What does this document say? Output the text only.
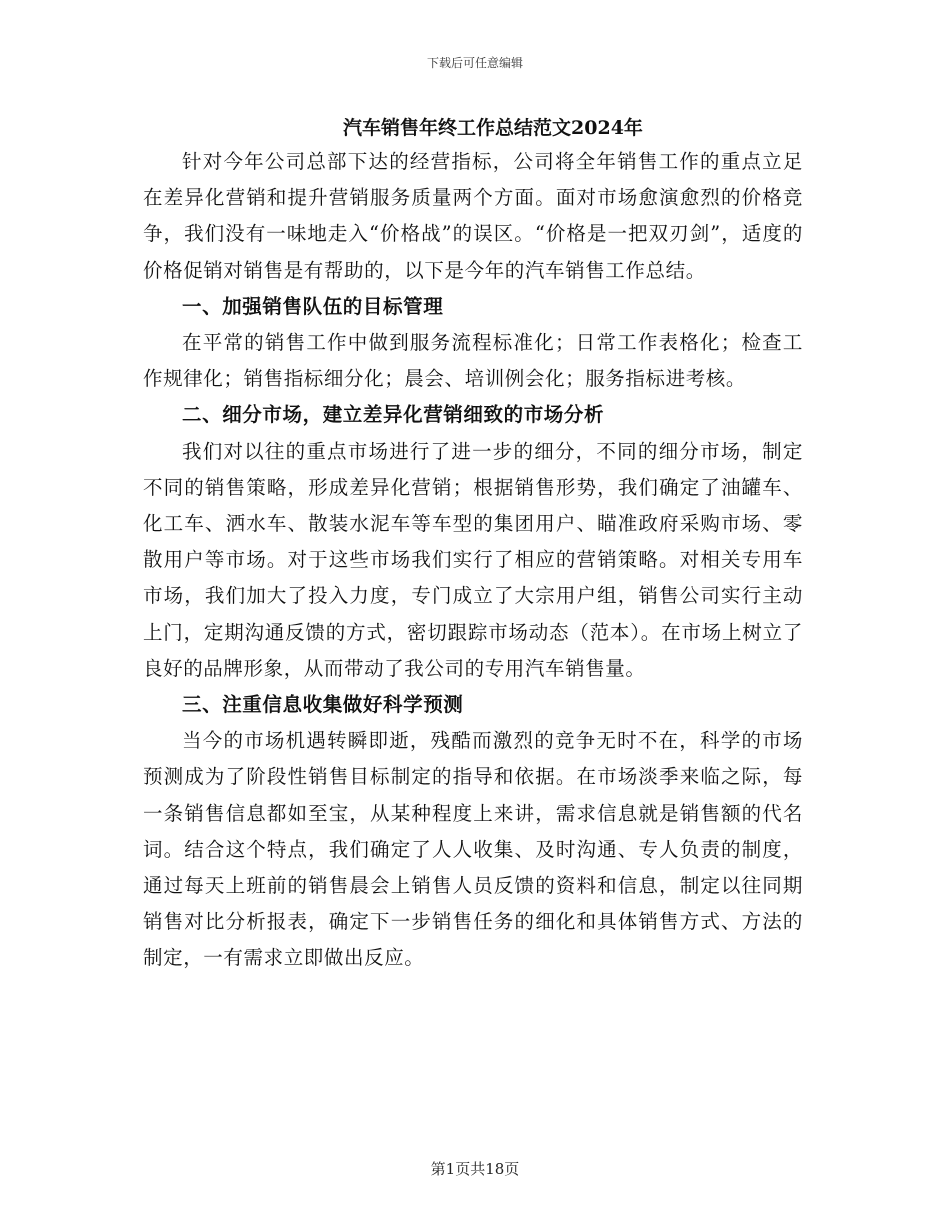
下载后可任意编辑
汽车销售年终工作总结范文2024年

针对今年公司总部下达的经营指标，公司将全年销售工作的重点立足在差异化营销和提升营销服务质量两个方面。面对市场愈演愈烈的价格竞争，我们没有一味地走入“价格战”的误区。“价格是一把双刃剑”，适度的价格促销对销售是有帮助的，以下是今年的汽车销售工作总结。

一、加强销售队伍的目标管理

在平常的销售工作中做到服务流程标准化；日常工作表格化；检查工作规律化；销售指标细分化；晨会、培训例会化；服务指标进考核。

二、细分市场，建立差异化营销细致的市场分析

我们对以往的重点市场进行了进一步的细分，不同的细分市场，制定不同的销售策略，形成差异化营销；根据销售形势，我们确定了油罐车、化工车、洒水车、散装水泥车等车型的集团用户、瞄准政府采购市场、零散用户等市场。对于这些市场我们实行了相应的营销策略。对相关专用车市场，我们加大了投入力度，专门成立了大宗用户组，销售公司实行主动上门，定期沟通反馈的方式，密切跟踪市场动态（范本）。在市场上树立了良好的品牌形象，从而带动了我公司的专用汽车销售量。

三、注重信息收集做好科学预测

当今的市场机遇转瞬即逝，残酷而激烈的竞争无时不在，科学的市场预测成为了阶段性销售目标制定的指导和依据。在市场淡季来临之际，每一条销售信息都如至宝，从某种程度上来讲，需求信息就是销售额的代名词。结合这个特点，我们确定了人人收集、及时沟通、专人负责的制度，通过每天上班前的销售晨会上销售人员反馈的资料和信息，制定以往同期销售对比分析报表，确定下一步销售任务的细化和具体销售方式、方法的制定，一有需求立即做出反应。

第1页共18页
